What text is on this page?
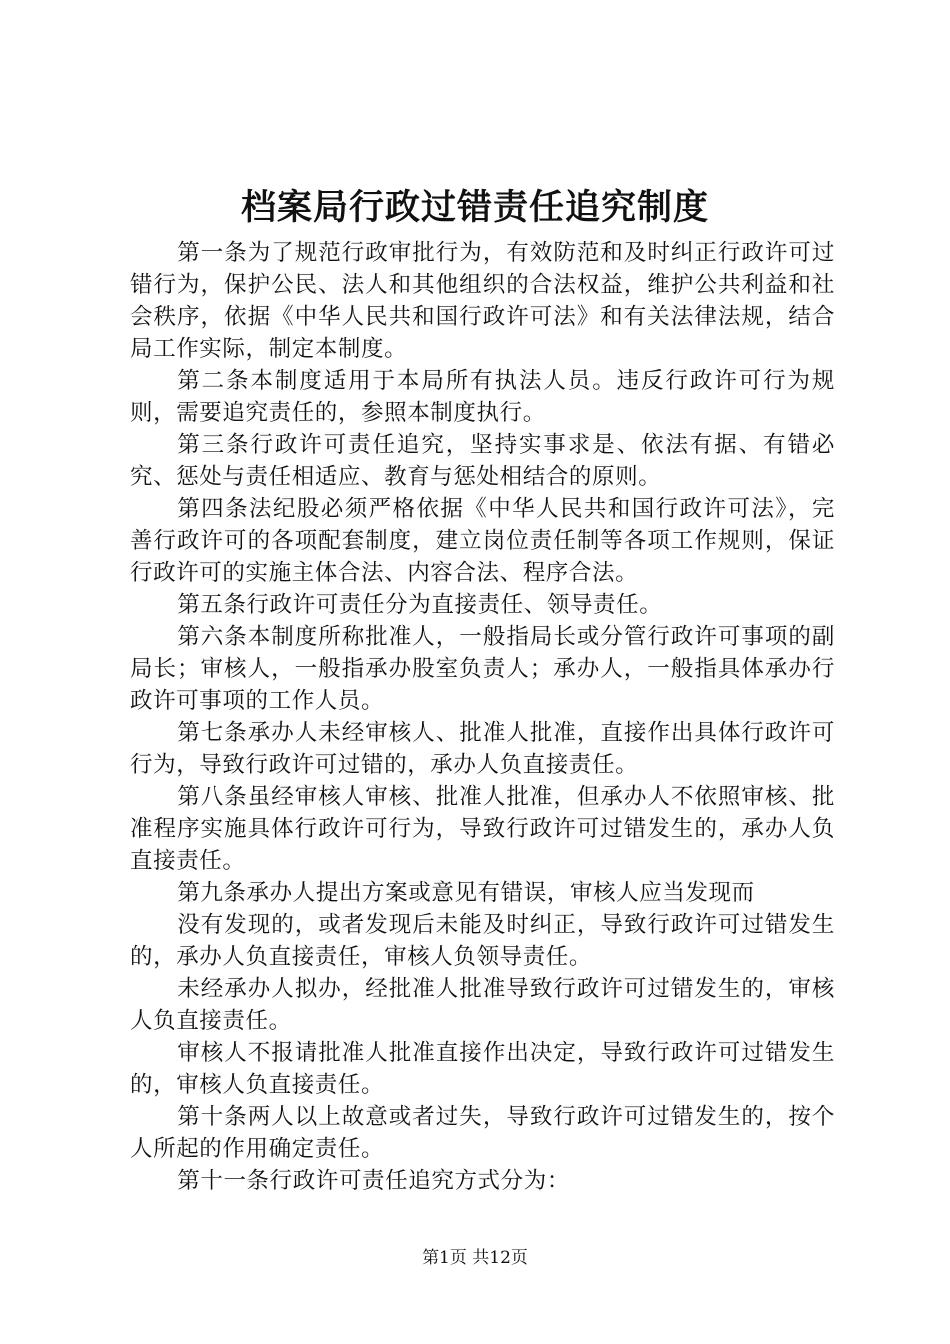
档案局行政过错责任追究制度

第一条为了规范行政审批行为，有效防范和及时纠正行政许可过错行为，保护公民、法人和其他组织的合法权益，维护公共利益和社会秩序，依据《中华人民共和国行政许可法》和有关法律法规，结合局工作实际，制定本制度。

第二条本制度适用于本局所有执法人员。违反行政许可行为规则，需要追究责任的，参照本制度执行。

第三条行政许可责任追究，坚持实事求是、依法有据、有错必究、惩处与责任相适应、教育与惩处相结合的原则。

第四条法纪股必须严格依据《中华人民共和国行政许可法》，完善行政许可的各项配套制度，建立岗位责任制等各项工作规则，保证行政许可的实施主体合法、内容合法、程序合法。

第五条行政许可责任分为直接责任、领导责任。

第六条本制度所称批准人，一般指局长或分管行政许可事项的副局长；审核人，一般指承办股室负责人；承办人，一般指具体承办行政许可事项的工作人员。

第七条承办人未经审核人、批准人批准，直接作出具体行政许可行为，导致行政许可过错的，承办人负直接责任。

第八条虽经审核人审核、批准人批准，但承办人不依照审核、批准程序实施具体行政许可行为，导致行政许可过错发生的，承办人负直接责任。

第九条承办人提出方案或意见有错误，审核人应当发现而

没有发现的，或者发现后未能及时纠正，导致行政许可过错发生的，承办人负直接责任，审核人负领导责任。

未经承办人拟办，经批准人批准导致行政许可过错发生的，审核人负直接责任。

审核人不报请批准人批准直接作出决定，导致行政许可过错发生的，审核人负直接责任。

第十条两人以上故意或者过失，导致行政许可过错发生的，按个人所起的作用确定责任。

第十一条行政许可责任追究方式分为：

第1页 共12页
